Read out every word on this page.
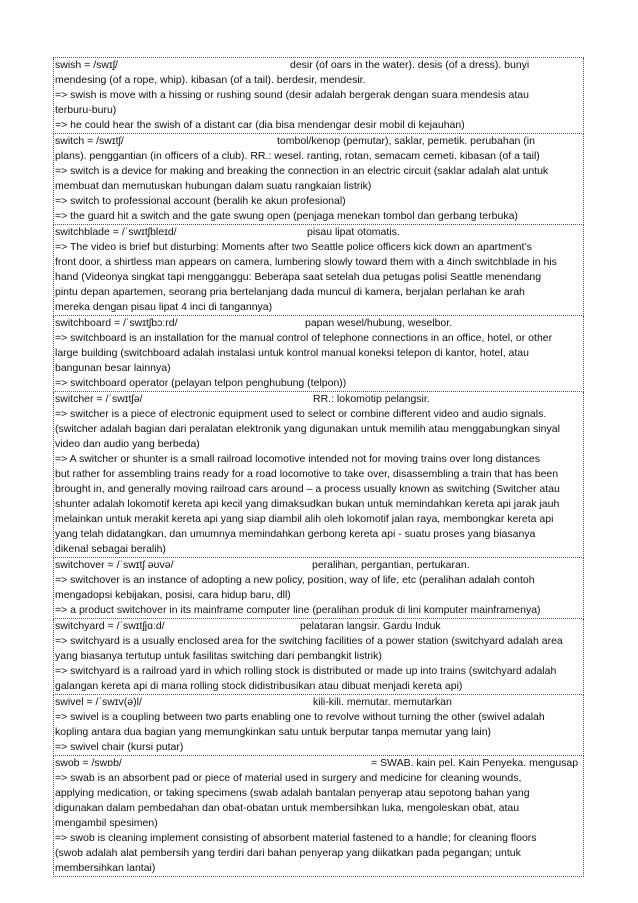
swish = /swɪʃ/	desir (of oars in the water). desis (of a dress). bunyi
mendesing (of a rope, whip). kibasan (of a tail). berdesir, mendesir.
=> swish is move with a hissing or rushing sound (desir adalah bergerak dengan suara mendesis atau
terburu-buru)
=> he could hear the swish of a distant car (dia bisa mendengar desir mobil di kejauhan)
switch = /swɪtʃ/	tombol/kenop (pemutar), saklar, pemetik. perubahan (in
plans). penggantian (in officers of a club). RR.: wesel. ranting, rotan, semacam cemeti. kibasan (of a tail)
=> switch is a device for making and breaking the connection in an electric circuit (saklar adalah alat untuk
membuat dan memutuskan hubungan dalam suatu rangkaian listrik)
=> switch to professional account (beralih ke akun profesional)
=> the guard hit a switch and the gate swung open (penjaga menekan tombol dan gerbang terbuka)
switchblade = /ˈswɪtʃbleɪd/	pisau lipat otomatis.
=> The video is brief but disturbing: Moments after two Seattle police officers kick down an apartment’s
front door, a shirtless man appears on camera, lumbering slowly toward them with a 4inch switchblade in his
hand (Videonya singkat tapi mengganggu: Beberapa saat setelah dua petugas polisi Seattle menendang
pintu depan apartemen, seorang pria bertelanjang dada muncul di kamera, berjalan perlahan ke arah
mereka dengan pisau lipat 4 inci di tangannya)
switchboard = /ˈswɪtʃbɔːrd/	papan wesel/hubung, weselbor.
=> switchboard is an installation for the manual control of telephone connections in an office, hotel, or other
large building (switchboard adalah instalasi untuk kontrol manual koneksi telepon di kantor, hotel, atau
bangunan besar lainnya)
=> switchboard operator (pelayan telpon penghubung (telpon))
switcher = /ˈswɪtʃə/	RR.: lokomotip pelangsir.
=> switcher is a piece of electronic equipment used to select or combine different video and audio signals.
(switcher adalah bagian dari peralatan elektronik yang digunakan untuk memilih atau menggabungkan sinyal
video dan audio yang berbeda)
=> A switcher or shunter is a small railroad locomotive intended not for moving trains over long distances
but rather for assembling trains ready for a road locomotive to take over, disassembling a train that has been
brought in, and generally moving railroad cars around – a process usually known as switching (Switcher atau
shunter adalah lokomotif kereta api kecil yang dimaksudkan bukan untuk memindahkan kereta api jarak jauh
melainkan untuk merakit kereta api yang siap diambil alih oleh lokomotif jalan raya, membongkar kereta api
yang telah didatangkan, dan umumnya memindahkan gerbong kereta api - suatu proses yang biasanya
dikenal sebagai beralih)
switchover = /ˈswɪtʃ əʊvə/	peralihan, pergantian, pertukaran.
=> switchover is an instance of adopting a new policy, position, way of life, etc (peralihan adalah contoh
mengadopsi kebijakan, posisi, cara hidup baru, dll)
=> a product switchover in its mainframe computer line (peralihan produk di lini komputer mainframenya)
switchyard = /ˈswɪtʃjɑːd/	pelataran langsir. Gardu Induk
=> switchyard is a usually enclosed area for the switching facilities of a power station (switchyard adalah area
yang biasanya tertutup untuk fasilitas switching dari pembangkit listrik)
=> switchyard is a railroad yard in which rolling stock is distributed or made up into trains (switchyard adalah
galangan kereta api di mana rolling stock didistribusikan atau dibuat menjadi kereta api)
swivel = /ˈswɪv(ə)l/	kili-kili. memutar. memutarkan
=> swivel is a coupling between two parts enabling one to revolve without turning the other (swivel adalah
kopling antara dua bagian yang memungkinkan satu untuk berputar tanpa memutar yang lain)
=> swivel chair (kursi putar)
swob = /swɒb/	= SWAB. kain pel. Kain Penyeka. mengusap
=> swab is an absorbent pad or piece of material used in surgery and medicine for cleaning wounds,
applying medication, or taking specimens (swab adalah bantalan penyerap atau sepotong bahan yang
digunakan dalam pembedahan dan obat-obatan untuk membersihkan luka, mengoleskan obat, atau
mengambil spesimen)
=> swob is cleaning implement consisting of absorbent material fastened to a handle; for cleaning floors
(swob adalah alat pembersih yang terdiri dari bahan penyerap yang diikatkan pada pegangan; untuk
membersihkan lantai)
